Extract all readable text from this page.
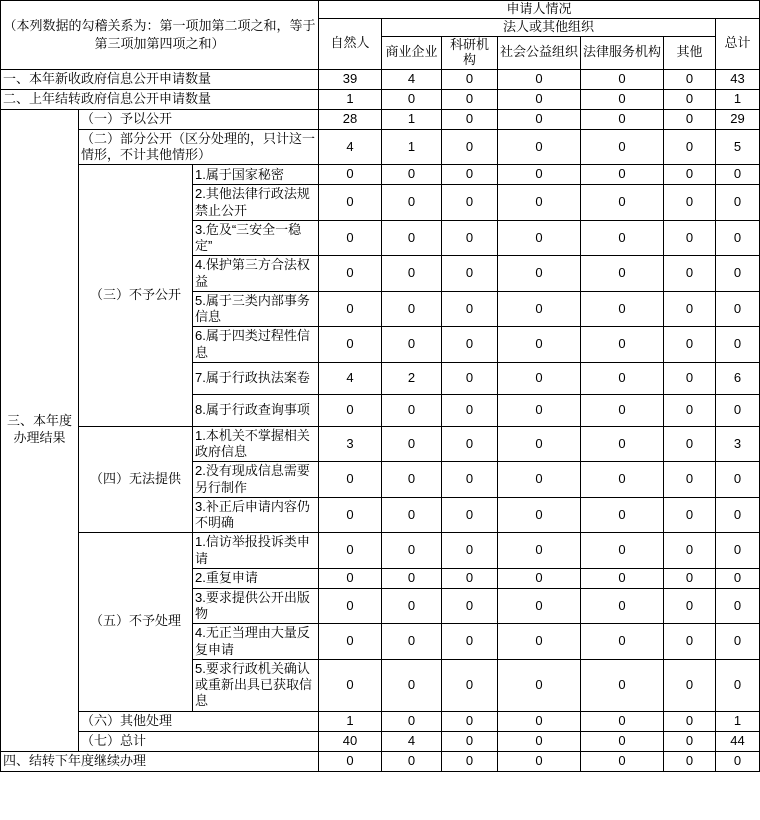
（本列数据的勾稽关系为：第一项加第二项之和，等于第三项加第四项之和）			申请人情况						
			自然人	法人或其他组织					总计
				商业企业	科研机构	社会公益组织	法律服务机构	其他	
一、本年新收政府信息公开申请数量			39	4	0	0	0	0	43
二、上年结转政府信息公开申请数量			1	0	0	0	0	0	1
三、本年度办理结果	（一）予以公开		28	1	0	0	0	0	29
	（二）部分公开（区分处理的，只计这一情形，不计其他情形）		4	1	0	0	0	0	5
	（三）不予公开	1.属于国家秘密	0	0	0	0	0	0	0
		2.其他法律行政法规禁止公开	0	0	0	0	0	0	0
		3.危及“三安全一稳定”	0	0	0	0	0	0	0
		4.保护第三方合法权益	0	0	0	0	0	0	0
		5.属于三类内部事务信息	0	0	0	0	0	0	0
		6.属于四类过程性信息	0	0	0	0	0	0	0
		7.属于行政执法案卷	4	2	0	0	0	0	6
		8.属于行政查询事项	0	0	0	0	0	0	0
	（四）无法提供	1.本机关不掌握相关政府信息	3	0	0	0	0	0	3
		2.没有现成信息需要另行制作	0	0	0	0	0	0	0
		3.补正后申请内容仍不明确	0	0	0	0	0	0	0
	（五）不予处理	1.信访举报投诉类申请	0	0	0	0	0	0	0
		2.重复申请	0	0	0	0	0	0	0
		3.要求提供公开出版物	0	0	0	0	0	0	0
		4.无正当理由大量反复申请	0	0	0	0	0	0	0
		5.要求行政机关确认或重新出具已获取信息	0	0	0	0	0	0	0
	（六）其他处理		1	0	0	0	0	0	1
	（七）总计		40	4	0	0	0	0	44
四、结转下年度继续办理			0	0	0	0	0	0	0
